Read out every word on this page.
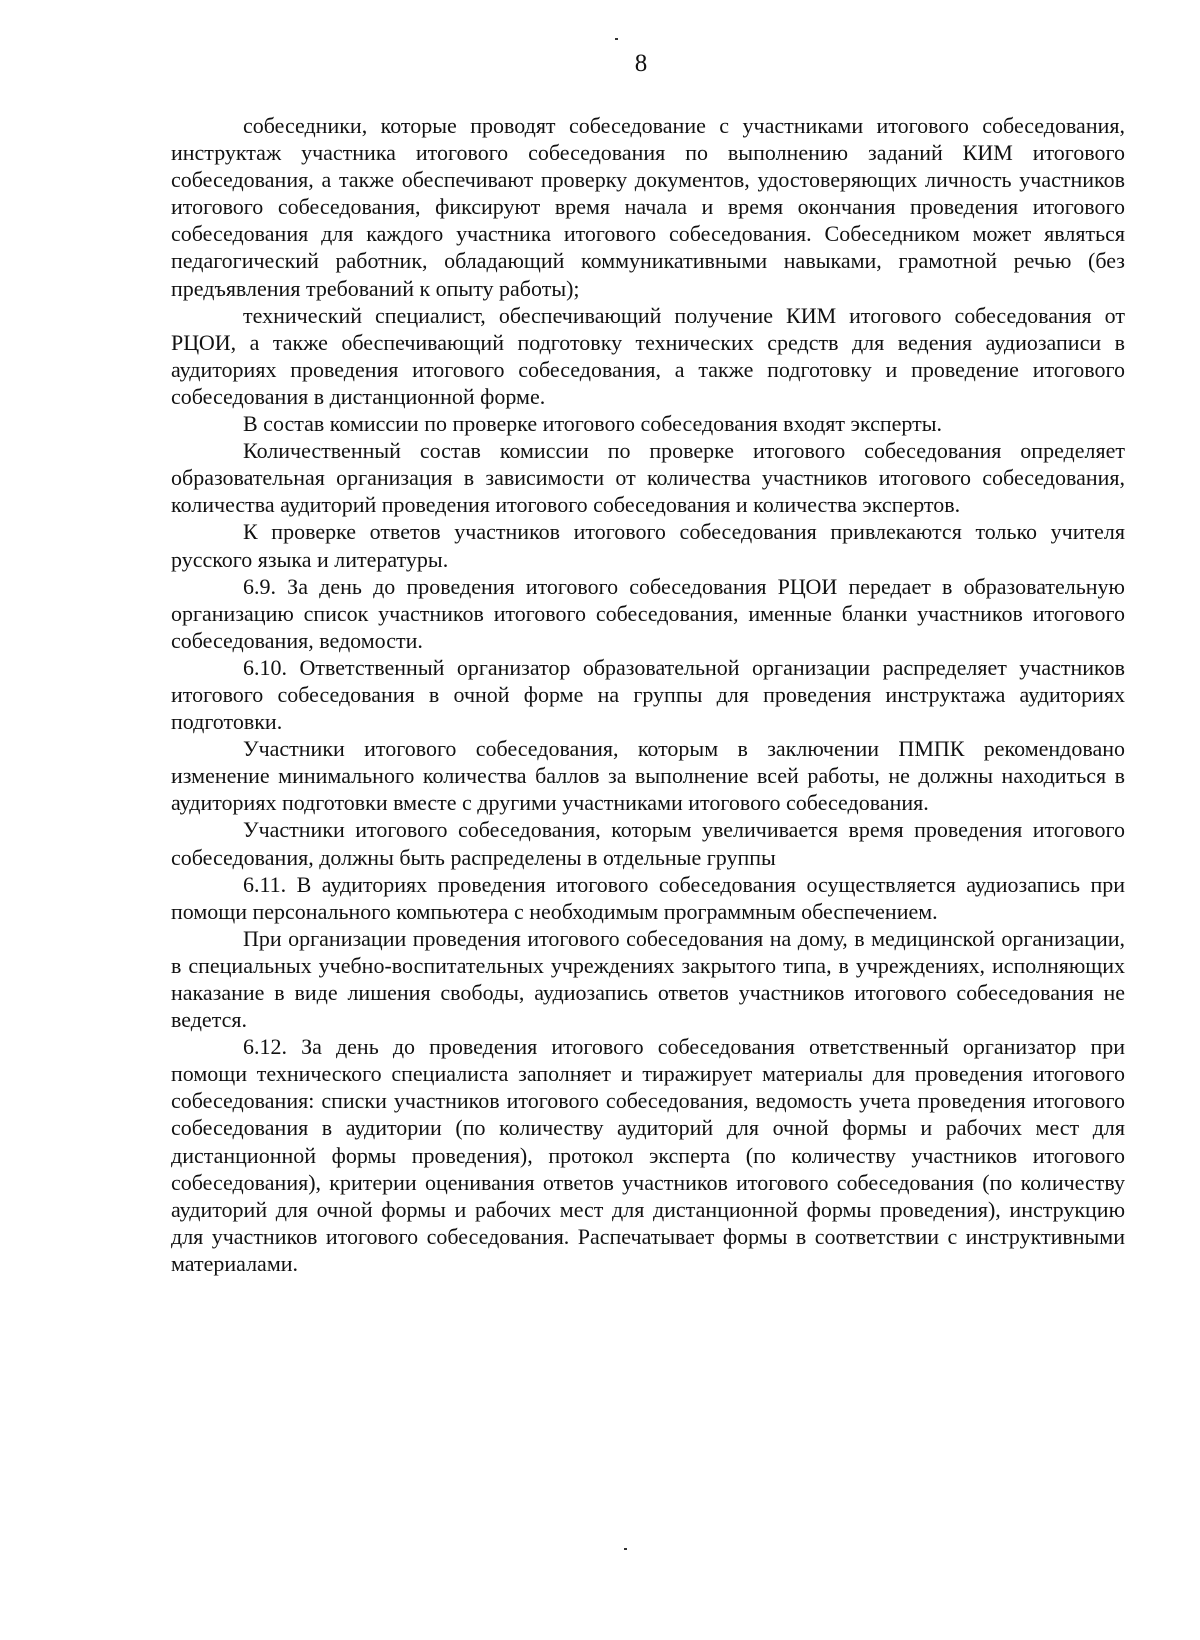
8

собеседники, которые проводят собеседование с участниками итогового собеседования, инструктаж участника итогового собеседования по выполнению заданий КИМ итогового собеседования, а также обеспечивают проверку документов, удостоверяющих личность участников итогового собеседования, фиксируют время начала и время окончания проведения итогового собеседования для каждого участника итогового собеседования. Собеседником может являться педагогический работник, обладающий коммуникативными навыками, грамотной речью (без предъявления требований к опыту работы);

технический специалист, обеспечивающий получение КИМ итогового собеседования от РЦОИ, а также обеспечивающий подготовку технических средств для ведения аудиозаписи в аудиториях проведения итогового собеседования, а также подготовку и проведение итогового собеседования в дистанционной форме.

В состав комиссии по проверке итогового собеседования входят эксперты.

Количественный состав комиссии по проверке итогового собеседования определяет образовательная организация в зависимости от количества участников итогового собеседования, количества аудиторий проведения итогового собеседования и количества экспертов.

К проверке ответов участников итогового собеседования привлекаются только учителя русского языка и литературы.

6.9. За день до проведения итогового собеседования РЦОИ передает в образовательную организацию список участников итогового собеседования, именные бланки участников итогового собеседования, ведомости.

6.10. Ответственный организатор образовательной организации распределяет участников итогового собеседования в очной форме на группы для проведения инструктажа аудиториях подготовки.

Участники итогового собеседования, которым в заключении ПМПК рекомендовано изменение минимального количества баллов за выполнение всей работы, не должны находиться в аудиториях подготовки вместе с другими участниками итогового собеседования.

Участники итогового собеседования, которым увеличивается время проведения итогового собеседования, должны быть распределены в отдельные группы

6.11. В аудиториях проведения итогового собеседования осуществляется аудиозапись при помощи персонального компьютера с необходимым программным обеспечением.

При организации проведения итогового собеседования на дому, в медицинской организации, в специальных учебно-воспитательных учреждениях закрытого типа, в учреждениях, исполняющих наказание в виде лишения свободы, аудиозапись ответов участников итогового собеседования не ведется.

6.12. За день до проведения итогового собеседования ответственный организатор при помощи технического специалиста заполняет и тиражирует материалы для проведения итогового собеседования: списки участников итогового собеседования, ведомость учета проведения итогового собеседования в аудитории (по количеству аудиторий для очной формы и рабочих мест для дистанционной формы проведения), протокол эксперта (по количеству участников итогового собеседования), критерии оценивания ответов участников итогового собеседования (по количеству аудиторий для очной формы и рабочих мест для дистанционной формы проведения), инструкцию для участников итогового собеседования. Распечатывает формы в соответствии с инструктивными материалами.
